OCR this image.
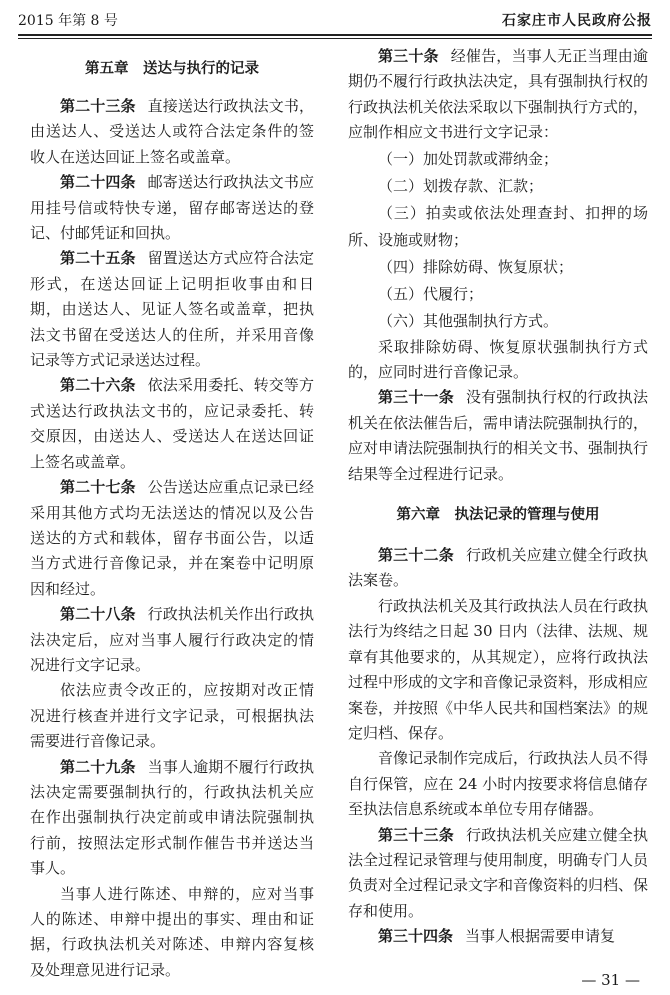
2015 年第 8 号	石家庄市人民政府公报
第五章　送达与执行的记录

第二十三条 直接送达行政执法文书，由送达人、受送达人或符合法定条件的签收人在送达回证上签名或盖章。

第二十四条 邮寄送达行政执法文书应用挂号信或特快专递，留存邮寄送达的登记、付邮凭证和回执。

第二十五条 留置送达方式应符合法定形式，在送达回证上记明拒收事由和日期，由送达人、见证人签名或盖章，把执法文书留在受送达人的住所，并采用音像记录等方式记录送达过程。

第二十六条 依法采用委托、转交等方式送达行政执法文书的，应记录委托、转交原因，由送达人、受送达人在送达回证上签名或盖章。

第二十七条 公告送达应重点记录已经采用其他方式均无法送达的情况以及公告送达的方式和载体，留存书面公告，以适当方式进行音像记录，并在案卷中记明原因和经过。

第二十八条 行政执法机关作出行政执法决定后，应对当事人履行行政决定的情况进行文字记录。

依法应责令改正的，应按期对改正情况进行核查并进行文字记录，可根据执法需要进行音像记录。

第二十九条 当事人逾期不履行行政执法决定需要强制执行的，行政执法机关应在作出强制执行决定前或申请法院强制执行前，按照法定形式制作催告书并送达当事人。

当事人进行陈述、申辩的，应对当事人的陈述、申辩中提出的事实、理由和证据，行政执法机关对陈述、申辩内容复核及处理意见进行记录。

第三十条 经催告，当事人无正当理由逾期仍不履行行政执法决定，具有强制执行权的行政执法机关依法采取以下强制执行方式的，应制作相应文书进行文字记录：

（一）加处罚款或滞纳金；

（二）划拨存款、汇款；

（三）拍卖或依法处理查封、扣押的场所、设施或财物；

（四）排除妨碍、恢复原状；

（五）代履行；

（六）其他强制执行方式。

采取排除妨碍、恢复原状强制执行方式的，应同时进行音像记录。

第三十一条 没有强制执行权的行政执法机关在依法催告后，需申请法院强制执行的，应对申请法院强制执行的相关文书、强制执行结果等全过程进行记录。

第六章　执法记录的管理与使用

第三十二条 行政机关应建立健全行政执法案卷。

行政执法机关及其行政执法人员在行政执法行为终结之日起 30 日内（法律、法规、规章有其他要求的，从其规定），应将行政执法过程中形成的文字和音像记录资料，形成相应案卷，并按照《中华人民共和国档案法》的规定归档、保存。

音像记录制作完成后，行政执法人员不得自行保管，应在 24 小时内按要求将信息储存至执法信息系统或本单位专用存储器。

第三十三条 行政执法机关应建立健全执法全过程记录管理与使用制度，明确专门人员负责对全过程记录文字和音像资料的归档、保存和使用。

第三十四条 当事人根据需要申请复

— 31 —
